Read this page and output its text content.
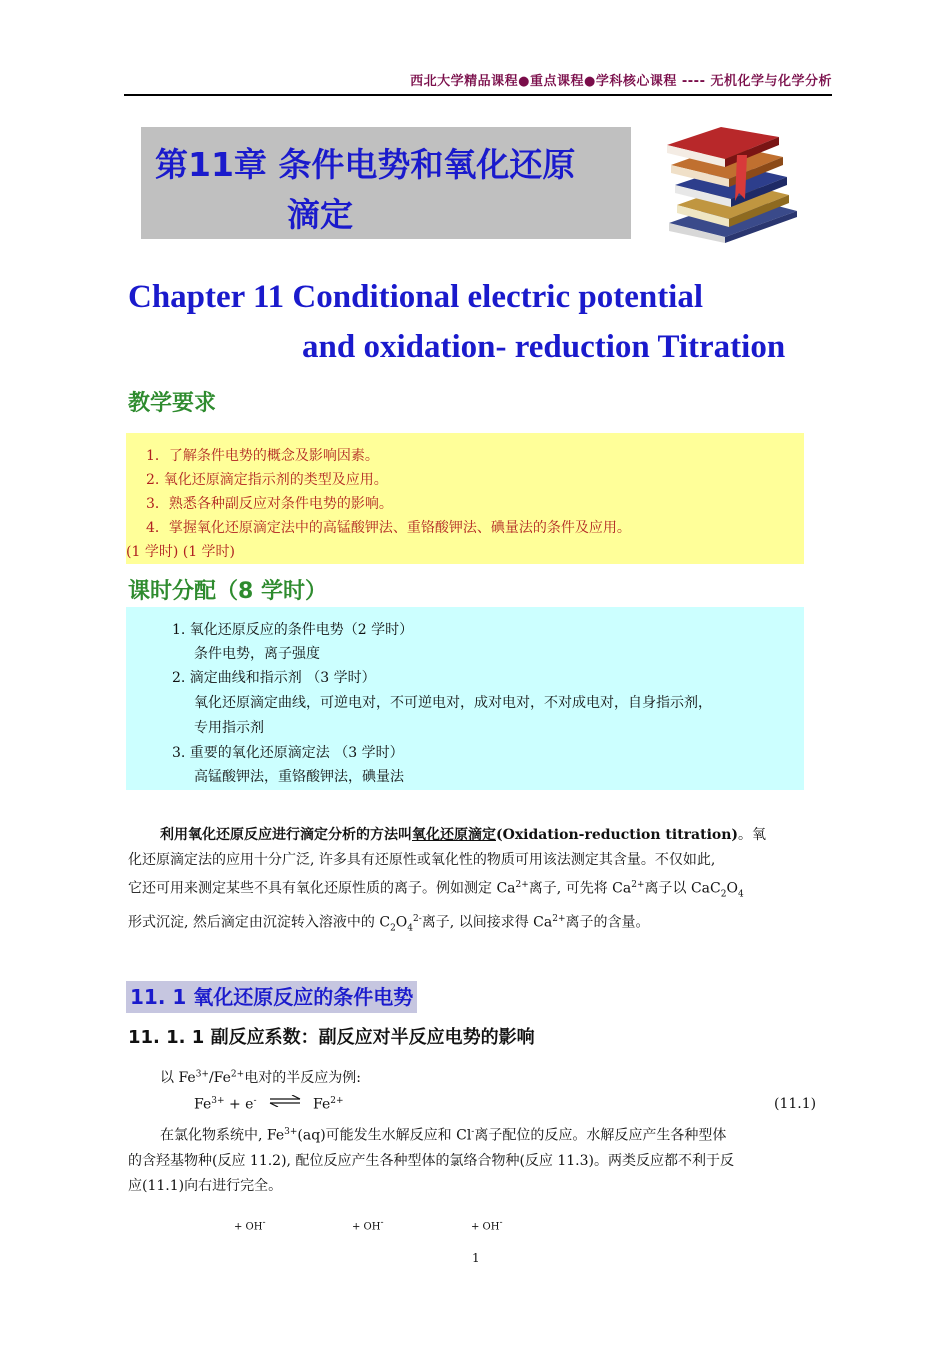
西北大学精品课程●重点课程●学科核心课程 ---- 无机化学与化学分析
第11章 条件电势和氧化还原
滴定
Chapter 11 Conditional electric potential
and oxidation- reduction Titration
教学要求
1．了解条件电势的概念及影响因素。
2. 氧化还原滴定指示剂的类型及应用。
3．熟悉各种副反应对条件电势的影响。
4．掌握氧化还原滴定法中的高锰酸钾法、重铬酸钾法、碘量法的条件及应用。
(1 学时) (1 学时)
课时分配（8 学时）
1. 氧化还原反应的条件电势（2 学时）
条件电势，离子强度
2. 滴定曲线和指示剂 （3 学时）
氧化还原滴定曲线，可逆电对，不可逆电对，成对电对，不对成电对，自身指示剂，
专用指示剂
3. 重要的氧化还原滴定法 （3 学时）
高锰酸钾法，重铬酸钾法，碘量法
利用氧化还原反应进行滴定分析的方法叫氧化还原滴定(Oxidation-reduction titration)。氧
化还原滴定法的应用十分广泛, 许多具有还原性或氧化性的物质可用该法测定其含量。不仅如此,
它还可用来测定某些不具有氧化还原性质的离子。例如测定 $Ca^{2+}$离子, 可先将 $Ca^{2+}$离子以 $CaC_2O_4$
形式沉淀, 然后滴定由沉淀转入溶液中的 $C_2O_4^{2-}$离子, 以间接求得 $Ca^{2+}$离子的含量。
11. 1 氧化还原反应的条件电势
11. 1. 1 副反应系数：副反应对半反应电势的影响
以 $Fe^{3+}/Fe^{2+}$电对的半反应为例:
$Fe^{3+} + e^-$ ⇌ $Fe^{2+}$	(11.1)
在氯化物系统中, $Fe^{3+}(aq)$可能发生水解反应和 Cl-离子配位的反应。水解反应产生各种型体
的含羟基物种(反应 11.2), 配位反应产生各种型体的氯络合物种(反应 11.3)。两类反应都不利于反
应(11.1)向右进行完全。
+ OH-	+ OH-	+ OH-
1
